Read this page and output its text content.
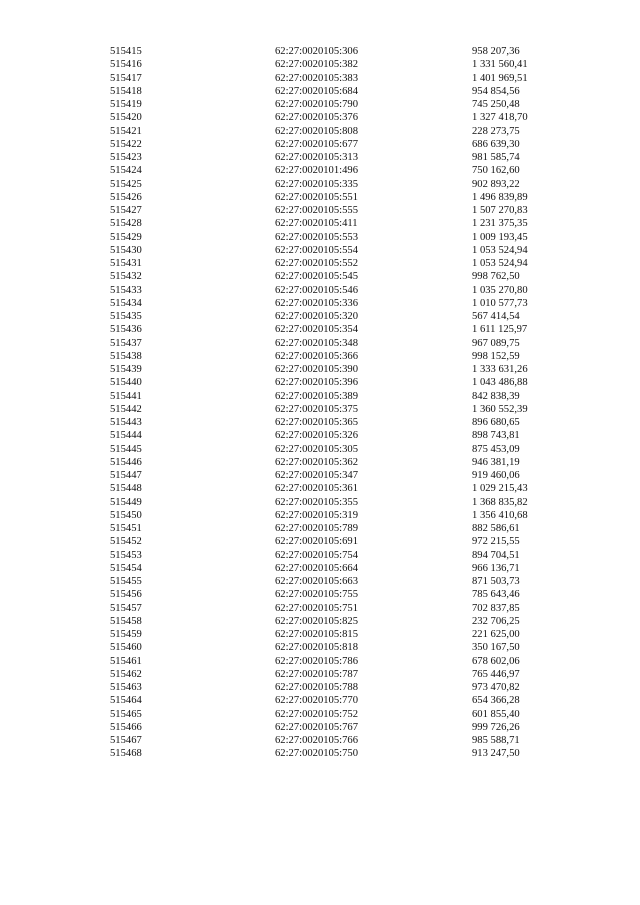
515415	62:27:0020105:306	958 207,36
515416	62:27:0020105:382	1 331 560,41
515417	62:27:0020105:383	1 401 969,51
515418	62:27:0020105:684	954 854,56
515419	62:27:0020105:790	745 250,48
515420	62:27:0020105:376	1 327 418,70
515421	62:27:0020105:808	228 273,75
515422	62:27:0020105:677	686 639,30
515423	62:27:0020105:313	981 585,74
515424	62:27:0020101:496	750 162,60
515425	62:27:0020105:335	902 893,22
515426	62:27:0020105:551	1 496 839,89
515427	62:27:0020105:555	1 507 270,83
515428	62:27:0020105:411	1 231 375,35
515429	62:27:0020105:553	1 009 193,45
515430	62:27:0020105:554	1 053 524,94
515431	62:27:0020105:552	1 053 524,94
515432	62:27:0020105:545	998 762,50
515433	62:27:0020105:546	1 035 270,80
515434	62:27:0020105:336	1 010 577,73
515435	62:27:0020105:320	567 414,54
515436	62:27:0020105:354	1 611 125,97
515437	62:27:0020105:348	967 089,75
515438	62:27:0020105:366	998 152,59
515439	62:27:0020105:390	1 333 631,26
515440	62:27:0020105:396	1 043 486,88
515441	62:27:0020105:389	842 838,39
515442	62:27:0020105:375	1 360 552,39
515443	62:27:0020105:365	896 680,65
515444	62:27:0020105:326	898 743,81
515445	62:27:0020105:305	875 453,09
515446	62:27:0020105:362	946 381,19
515447	62:27:0020105:347	919 460,06
515448	62:27:0020105:361	1 029 215,43
515449	62:27:0020105:355	1 368 835,82
515450	62:27:0020105:319	1 356 410,68
515451	62:27:0020105:789	882 586,61
515452	62:27:0020105:691	972 215,55
515453	62:27:0020105:754	894 704,51
515454	62:27:0020105:664	966 136,71
515455	62:27:0020105:663	871 503,73
515456	62:27:0020105:755	785 643,46
515457	62:27:0020105:751	702 837,85
515458	62:27:0020105:825	232 706,25
515459	62:27:0020105:815	221 625,00
515460	62:27:0020105:818	350 167,50
515461	62:27:0020105:786	678 602,06
515462	62:27:0020105:787	765 446,97
515463	62:27:0020105:788	973 470,82
515464	62:27:0020105:770	654 366,28
515465	62:27:0020105:752	601 855,40
515466	62:27:0020105:767	999 726,26
515467	62:27:0020105:766	985 588,71
515468	62:27:0020105:750	913 247,50
